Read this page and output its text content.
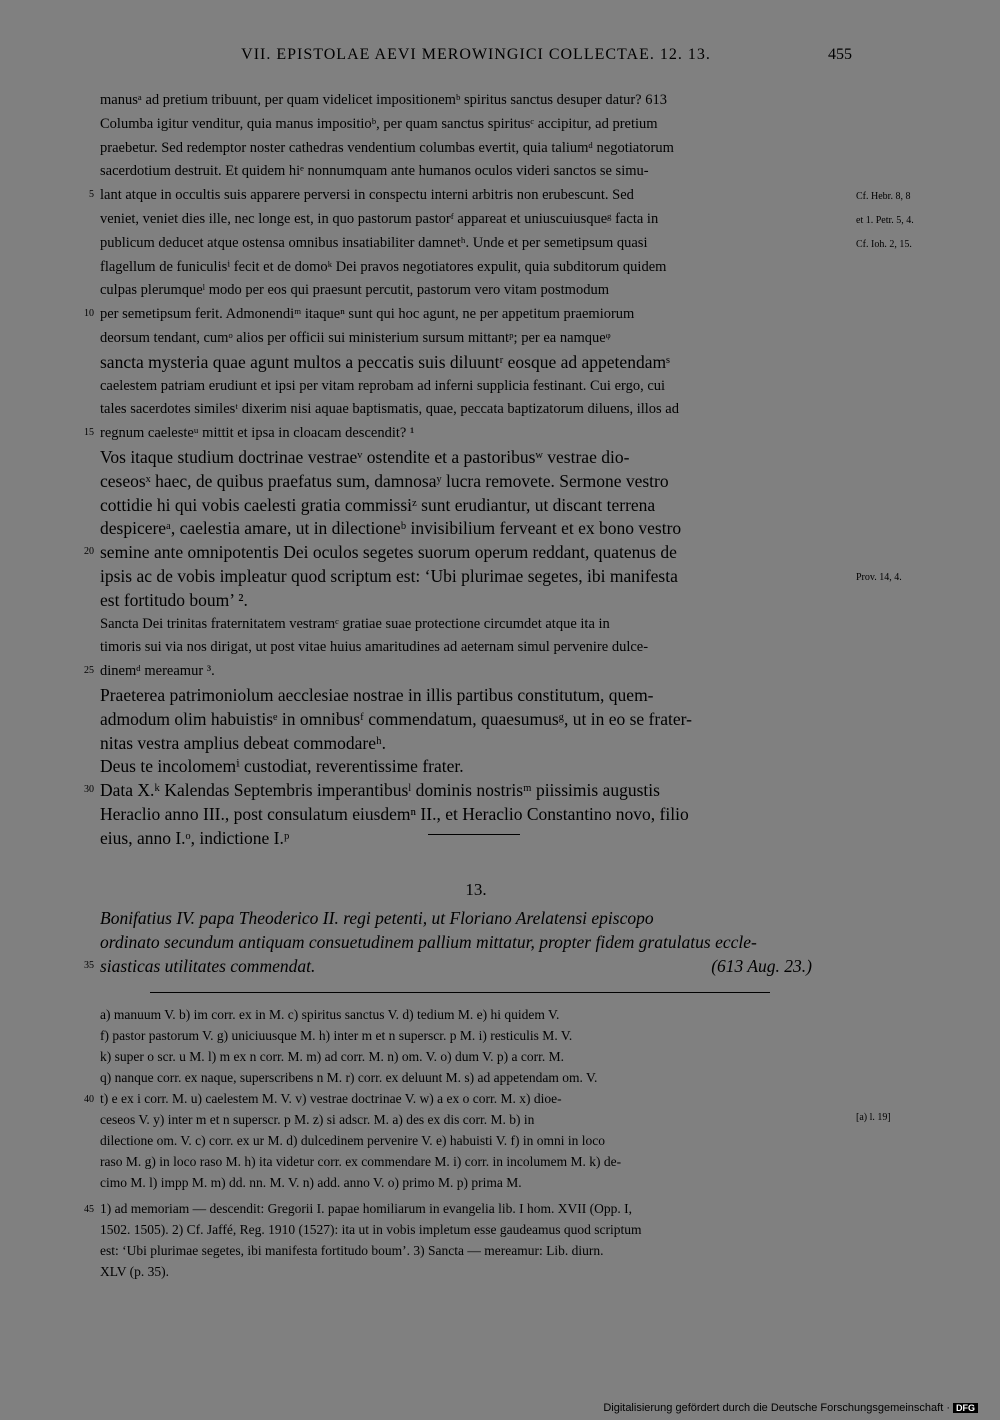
VII. EPISTOLAE AEVI MEROWINGICI COLLECTAE. 12. 13.	455
manusᵃ ad pretium tribuunt, per quam videlicet impositionemᵇ spiritus sanctus desuper datur? 613
Columba igitur venditur, quia manus impositioᵇ, per quam sanctus spiritusᶜ accipitur, ad pretium
praebetur. Sed redemptor noster cathedras vendentium columbas evertit, quia taliumᵈ negotiatorum
sacerdotium destruit. Et quidem hiᵉ nonnumquam ante humanos oculos videri sanctos se simu-
lant atque in occultis suis apparere perversi in conspectu interni arbitris non erubescunt. Sed
5
veniet, veniet dies ille, nec longe est, in quo pastorum pastorᶠ appareat et uniuscuiusqueᵍ facta in
publicum deducet atque ostensa omnibus insatiabiliter damnetʰ. Unde et per semetipsum quasi
flagellum de funiculisⁱ fecit et de domoᵏ Dei pravos negotiatores expulit, quia subditorum quidem
culpas plerumqueˡ modo per eos qui praesunt percutit, pastorum vero vitam postmodum
per semetipsum ferit. Admonendiᵐ itaqueⁿ sunt qui hoc agunt, ne per appetitum praemiorum
10
deorsum tendant, cumᵒ alios per officii sui ministerium sursum mittantᵖ; per ea namqueᵠ
sancta mysteria quae agunt multos a peccatis suis diluuntʳ eosque ad appetendamˢ
caelestem patriam erudiunt et ipsi per vitam reprobam ad inferni supplicia festinant. Cui ergo, cui
tales sacerdotes similesᵗ dixerim nisi aquae baptismatis, quae, peccata baptizatorum diluens, illos ad
regnum caelesteᵘ mittit et ipsa in cloacam descendit? ¹
15
Vos itaque studium doctrinae vestraeᵛ ostendite et a pastoribusʷ vestrae dio-
ceseosˣ haec, de quibus praefatus sum, damnosaʸ lucra removete. Sermone vestro
cottidie hi qui vobis caelesti gratia commissiᶻ sunt erudiantur, ut discant terrena
despicereᵃ, caelestia amare, ut in dilectioneᵇ invisibilium ferveant et ex bono vestro
semine ante omnipotentis Dei oculos segetes suorum operum reddant, quatenus de
20
ipsis ac de vobis impleatur quod scriptum est: ‘Ubi plurimae segetes, ibi manifesta
est fortitudo boum’ ².
Sancta Dei trinitas fraternitatem vestramᶜ gratiae suae protectione circumdet atque ita in
timoris sui via nos dirigat, ut post vitae huius amaritudines ad aeternam simul pervenire dulce-
dinemᵈ mereamur ³.
25
Praeterea patrimoniolum aecclesiae nostrae in illis partibus constitutum, quem-
admodum olim habuistisᵉ in omnibusᶠ commendatum, quaesumusᵍ, ut in eo se frater-
nitas vestra amplius debeat commodareʰ.
Deus te incolomemⁱ custodiat, reverentissime frater.
Data X.ᵏ Kalendas Septembris imperantibusˡ dominis nostrisᵐ piissimis augustis
30
Heraclio anno III., post consulatum eiusdemⁿ II., et Heraclio Constantino novo, filio
eius, anno I.ᵒ, indictione I.ᵖ
Cf. Hebr. 8, 8
et 1. Petr. 5, 4.
Cf. Ioh. 2, 15.
Prov. 14, 4.
13.
Bonifatius IV. papa Theoderico II. regi petenti, ut Floriano Arelatensi episcopo
ordinato secundum antiquam consuetudinem pallium mittatur, propter fidem gratulatus eccle-
siasticas utilitates commendat.
35	(613 Aug. 23.)
a) manuum V. b) im corr. ex in M. c) spiritus sanctus V. d) tedium M. e) hi quidem V.
f) pastor pastorum V. g) uniciuusque M. h) inter m et n superscr. p M. i) resticulis M. V.
k) super o scr. u M. l) m ex n corr. M. m) ad corr. M. n) om. V. o) dum V. p) a corr. M.
q) nanque corr. ex naque, superscribens n M. r) corr. ex deluunt M. s) ad appetendam om. V.
t) e ex i corr. M. u) caelestem M. V. v) vestrae doctrinae V. w) a ex o corr. M. x) dioe-
40
ceseos V. y) inter m et n superscr. p M. z) si adscr. M. a) des ex dis corr. M. b) in
dilectione om. V. c) corr. ex ur M. d) dulcedinem pervenire V. e) habuisti V. f) in omni in loco
raso M. g) in loco raso M. h) ita videtur corr. ex commendare M. i) corr. in incolumem M. k) de-
cimo M. l) impp M. m) dd. nn. M. V. n) add. anno V. o) primo M. p) prima M.
[a) l. 19]
1) ad memoriam — descendit: Gregorii I. papae homiliarum in evangelia lib. I hom. XVII (Opp. I,
45
1502. 1505). 2) Cf. Jaffé, Reg. 1910 (1527): ita ut in vobis impletum esse gaudeamus quod scriptum
est: ‘Ubi plurimae segetes, ibi manifesta fortitudo boum’. 3) Sancta — mereamur: Lib. diurn.
XLV (p. 35).
Digitalisierung gefördert durch die Deutsche Forschungsgemeinschaft · DFG
